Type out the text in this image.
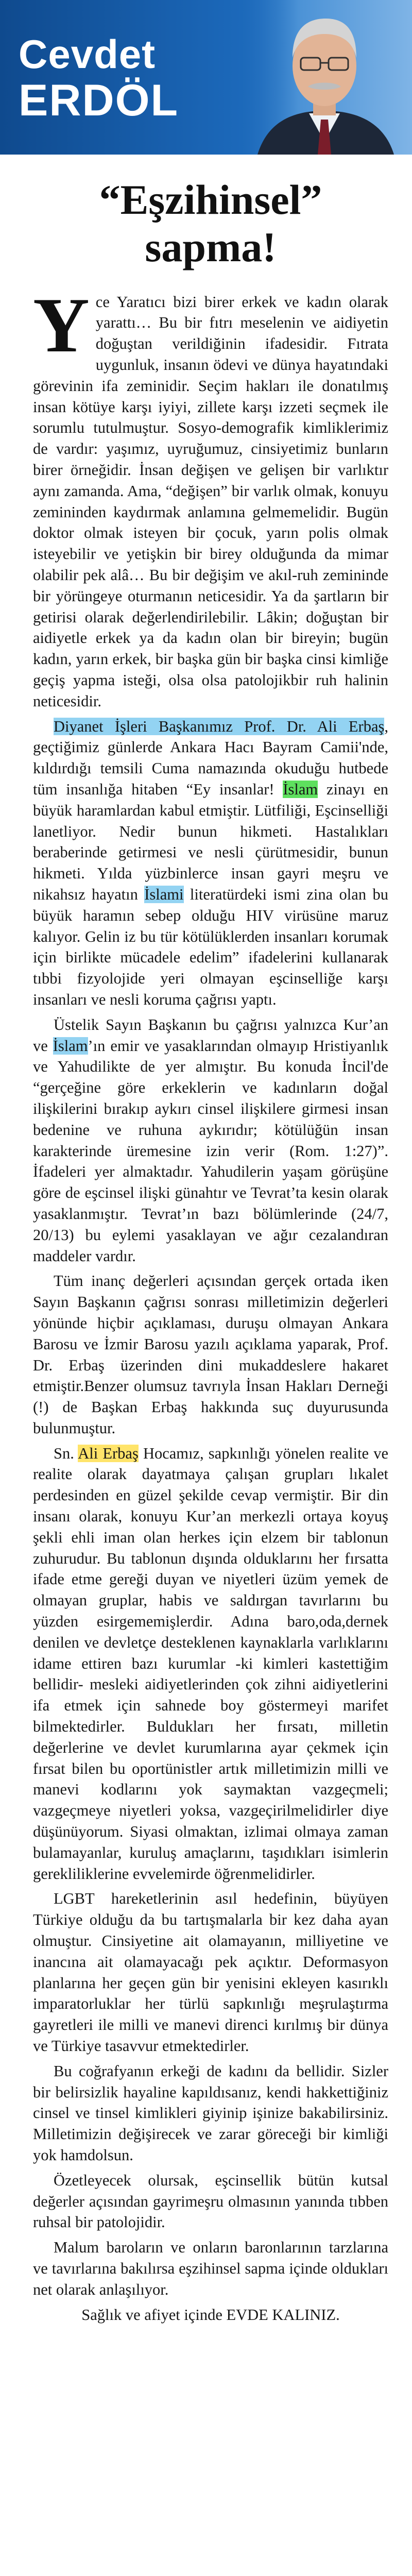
Cevdet
ERDÖL
“Eşzihinsel”
sapma!

Yce Yaratıcı bizi birer erkek ve kadın olarak yarattı… Bu bir fıtrı meselenin ve aidiyetin doğuştan verildiğinin ifadesidir. Fıtrata uygunluk, insanın ödevi ve dünya hayatındaki görevinin ifa zeminidir. Seçim hakları ile donatılmış insan kötüye karşı iyiyi, zillete karşı izzeti seçmek ile sorumlu tutulmuştur. Sosyo-demografik kimliklerimiz de vardır: yaşımız, uyruğumuz, cinsiyetimiz bunların birer örneğidir. İnsan değişen ve gelişen bir varlıktır aynı zamanda. Ama, “değişen” bir varlık olmak, konuyu zemininden kaydırmak anlamına gelmemelidir. Bugün doktor olmak isteyen bir çocuk, yarın polis olmak isteyebilir ve yetişkin bir birey olduğunda da mimar olabilir pek alâ… Bu bir değişim ve akıl-ruh zemininde bir yörüngeye oturmanın neticesidir. Ya da şartların bir getirisi olarak değerlendirilebilir. Lâkin; doğuştan bir aidiyetle erkek ya da kadın olan bir bireyin; bugün kadın, yarın erkek, bir başka gün bir başka cinsi kimliğe geçiş yapma isteği, olsa olsa patolojikbir ruh halinin neticesidir.

Diyanet İşleri Başkanımız Prof. Dr. Ali Erbaş, geçtiğimiz günlerde Ankara Hacı Bayram Camii'nde, kıldırdığı temsili Cuma namazında okuduğu hutbede tüm insanlığa hitaben “Ey insanlar! İslam zinayı en büyük haramlardan kabul etmiştir. Lütfiliği, Eşcinselliği lanetliyor. Nedir bunun hikmeti. Hastalıkları beraberinde getirmesi ve nesli çürütmesidir, bunun hikmeti. Yılda yüzbinlerce insan gayri meşru ve nikahsız hayatın İslami literatürdeki ismi zina olan bu büyük haramın sebep olduğu HIV virüsüne maruz kalıyor. Gelin iz bu tür kötülüklerden insanları korumak için birlikte mücadele edelim” ifadelerini kullanarak tıbbi fizyolojide yeri olmayan eşcinselliğe karşı insanları ve nesli koruma çağrısı yaptı.

Üstelik Sayın Başkanın bu çağrısı yalnızca Kur’an ve İslam’ın emir ve yasaklarından olmayıp Hristiyanlık ve Yahudilikte de yer almıştır. Bu konuda İncil'de “gerçeğine göre erkeklerin ve kadınların doğal ilişkilerini bırakıp aykırı cinsel ilişkilere girmesi insan bedenine ve ruhuna aykırıdır; kötülüğün insan karakterinde üremesine izin verir (Rom. 1:27)”. İfadeleri yer almaktadır. Yahudilerin yaşam görüşüne göre de eşcinsel ilişki günahtır ve Tevrat’ta kesin olarak yasaklanmıştır. Tevrat’ın bazı bölümlerinde (24/7, 20/13) bu eylemi yasaklayan ve ağır cezalandıran maddeler vardır.

Tüm inanç değerleri açısından gerçek ortada iken Sayın Başkanın çağrısı sonrası milletimizin değerleri yönünde hiçbir açıklaması, duruşu olmayan Ankara Barosu ve İzmir Barosu yazılı açıklama yaparak, Prof. Dr. Erbaş üzerinden dini mukaddeslere hakaret etmiştir.Benzer olumsuz tavrıyla İnsan Hakları Derneği (!) de Başkan Erbaş hakkında suç duyurusunda bulunmuştur.

Sn. Ali Erbaş Hocamız, sapkınlığı yönelen realite ve realite olarak dayatmaya çalışan grupları lıkalet perdesinden en güzel şekilde cevap vermiştir. Bir din insanı olarak, konuyu Kur’an merkezli ortaya koyuş şekli ehli iman olan herkes için elzem bir tablonun zuhurudur. Bu tablonun dışında olduklarını her fırsatta ifade etme gereği duyan ve niyetleri üzüm yemek de olmayan gruplar, habis ve saldırgan tavırlarını bu yüzden esirgememişlerdir. Adına baro,oda,dernek denilen ve devletçe desteklenen kaynaklarla varlıklarını idame ettiren bazı kurumlar -ki kimleri kastettiğim bellidir- mesleki aidiyetlerinden çok zihni aidiyetlerini ifa etmek için sahnede boy göstermeyi marifet bilmektedirler. Buldukları her fırsatı, milletin değerlerine ve devlet kurumlarına ayar çekmek için fırsat bilen bu oportünistler artık milletimizin milli ve manevi kodlarını yok saymaktan vazgeçmeli; vazgeçmeye niyetleri yoksa, vazgeçirilmelidirler diye düşünüyorum. Siyasi olmaktan, izlimai olmaya zaman bulamayanlar, kuruluş amaçlarını, taşıdıkları isimlerin gerekliliklerine evvelemirde öğrenmelidirler.

LGBT hareketlerinin asıl hedefinin, büyüyen Türkiye olduğu da bu tartışmalarla bir kez daha ayan olmuştur. Cinsiyetine ait olamayanın, milliyetine ve inancına ait olamayacağı pek açıktır. Deformasyon planlarına her geçen gün bir yenisini ekleyen kasırıklı imparatorluklar her türlü sapkınlığı meşrulaştırma gayretleri ile milli ve manevi direnci kırılmış bir dünya ve Türkiye tasavvur etmektedirler.

Bu coğrafyanın erkeği de kadını da bellidir. Sizler bir belirsizlik hayaline kapıldısanız, kendi hakkettiğiniz cinsel ve tinsel kimlikleri giyinip işinize bakabilirsiniz. Milletimizin değişirecek ve zarar göreceği bir kimliği yok hamdolsun.

Özetleyecek olursak, eşcinsellik bütün kutsal değerler açısından gayrimeşru olmasının yanında tıbben ruhsal bir patolojidir.

Malum baroların ve onların baronlarının tarzlarına ve tavırlarına bakılırsa eşzihinsel sapma içinde oldukları net olarak anlaşılıyor.

Sağlık ve afiyet içinde EVDE KALINIZ.
